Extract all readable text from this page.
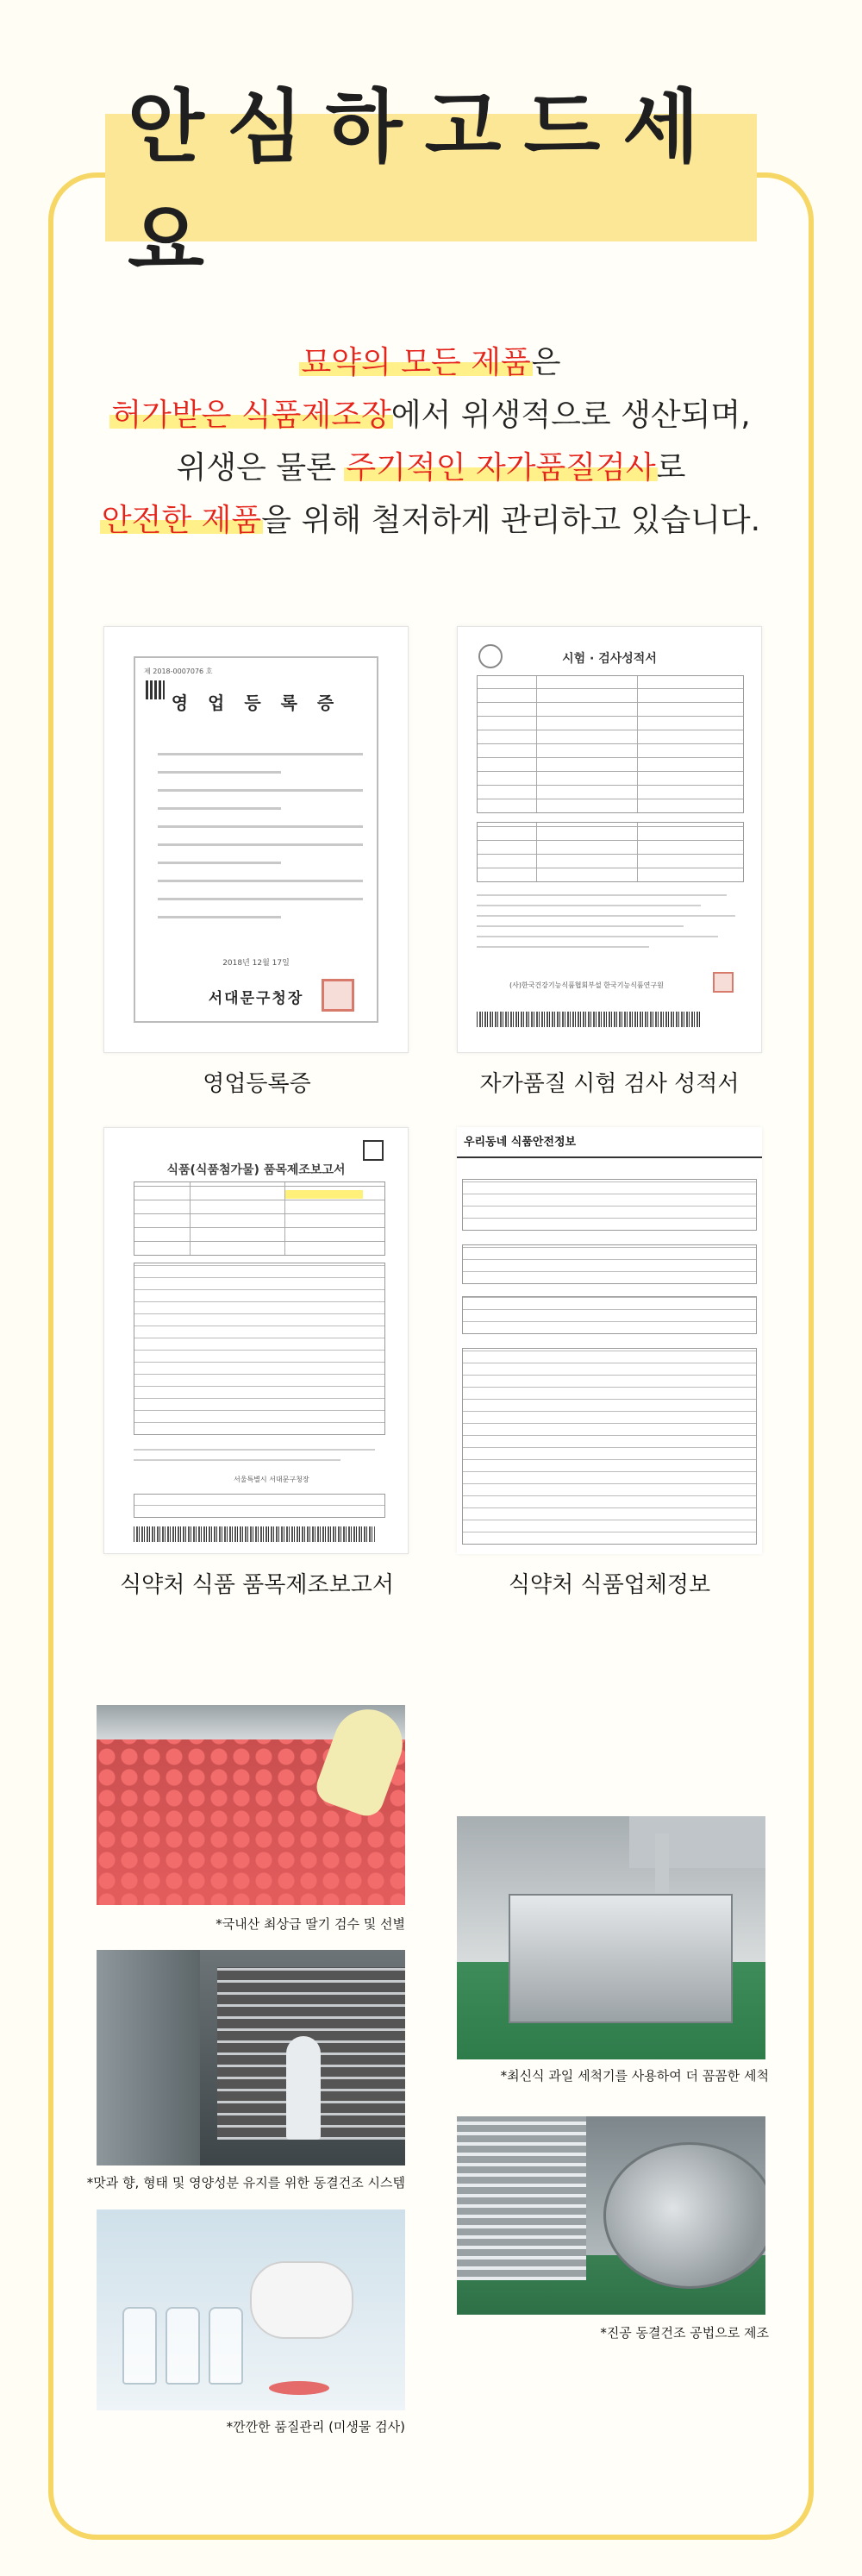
안심하고드세요
묘약의 모든 제품은
허가받은 식품제조장에서 위생적으로 생산되며,
위생은 물론 주기적인 자가품질검사로
안전한 제품을 위해 철저하게 관리하고 있습니다.
제 2018-0007076 호
영 업 등 록 증
2018년 12월 17일
서대문구청장
영업등록증
시험 · 검사성적서
(사)한국건강기능식품협회부설 한국기능식품연구원
자가품질 시험 검사 성적서
식품(식품첨가물) 품목제조보고서
서울특별시 서대문구청장
식약처 식품 품목제조보고서
우리동네 식품안전정보
식약처 식품업체정보
*국내산 최상급 딸기 검수 및 선별
*맛과 향, 형태 및 영양성분 유지를 위한 동결건조 시스템
*깐깐한 품질관리 (미생물 검사)
*최신식 과일 세척기를 사용하여 더 꼼꼼한 세척
*진공 동결건조 공법으로 제조
